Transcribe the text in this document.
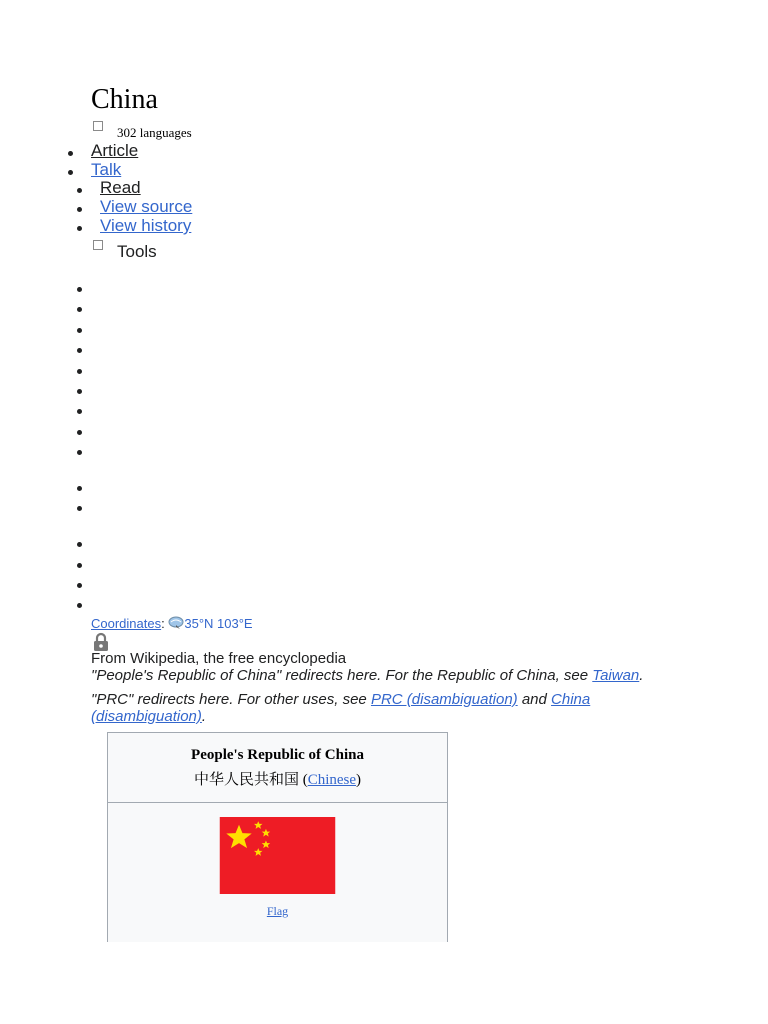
China
302 languages
Article
Talk
Read
View source
View history
Tools
Coordinates: 35°N 103°E
From Wikipedia, the free encyclopedia
"People's Republic of China" redirects here. For the Republic of China, see Taiwan.
"PRC" redirects here. For other uses, see PRC (disambiguation) and China
(disambiguation).
People's Republic of China
中华人民共和国 (Chinese)
Flag
